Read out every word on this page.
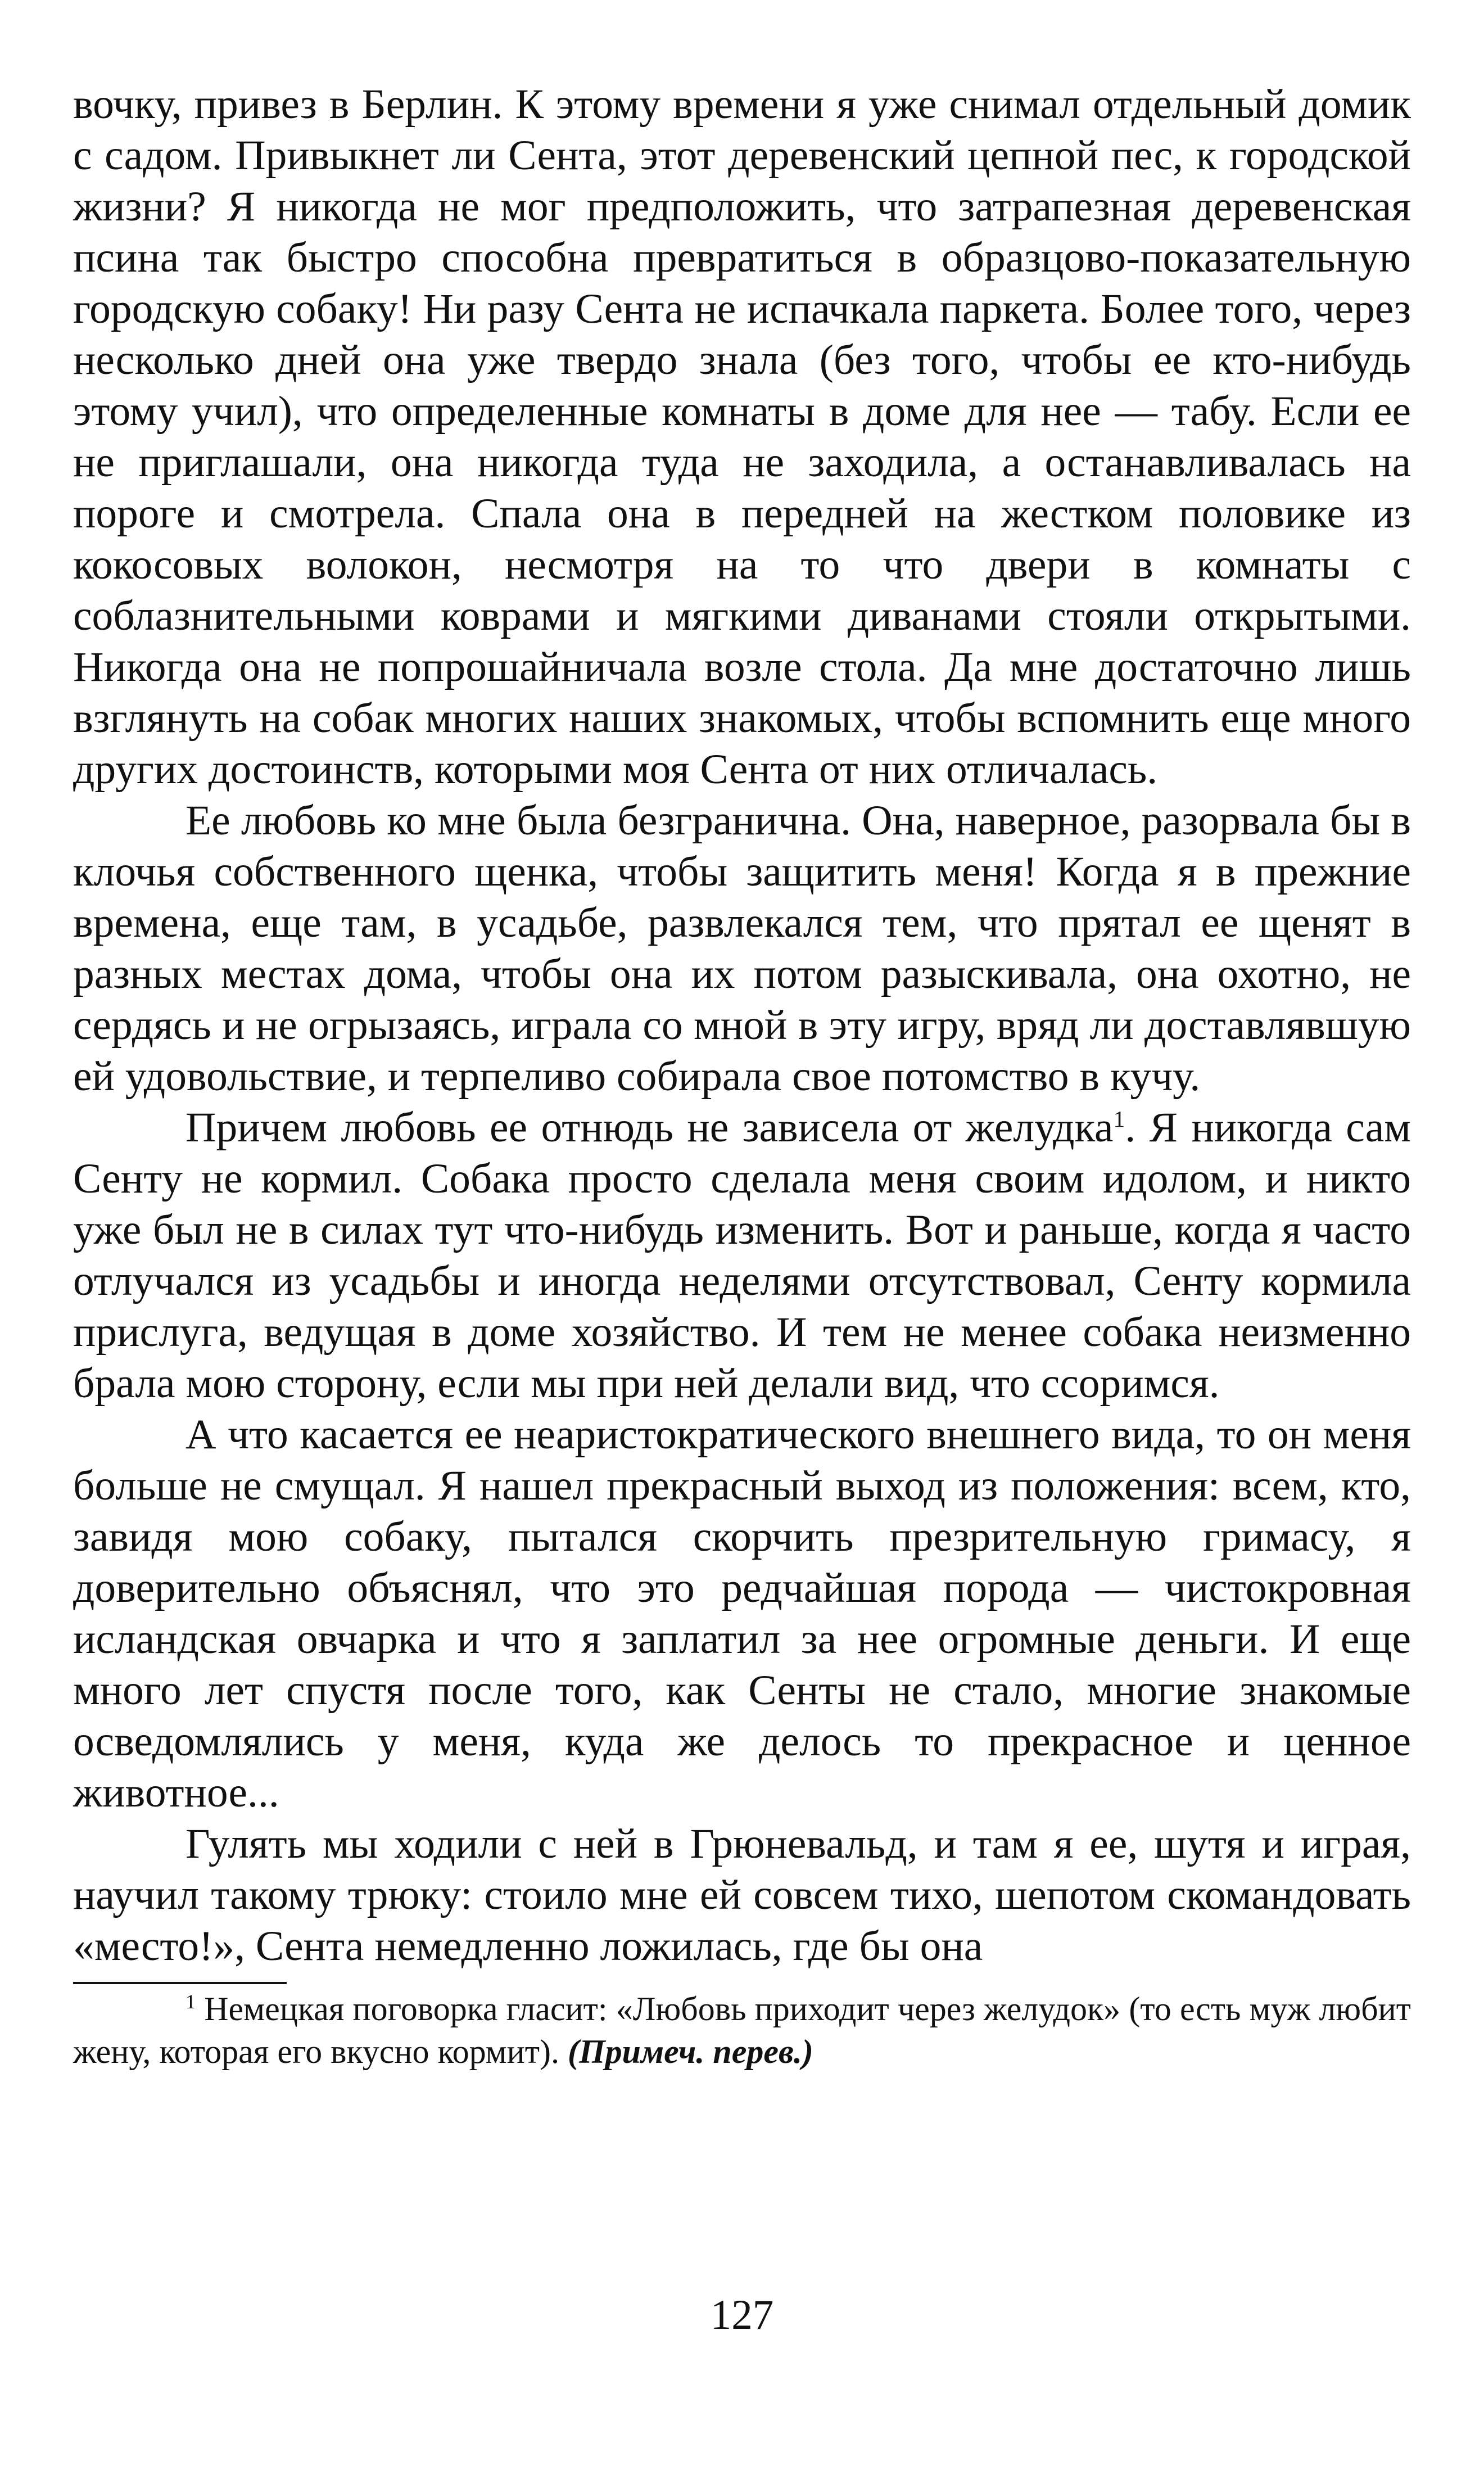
вочку, привез в Берлин. К этому времени я уже снимал отдельный домик с садом. Привыкнет ли Сента, этот деревенский цепной пес, к городской жизни? Я никогда не мог предположить, что затрапезная деревенская псина так быстро способна превратиться в образцово-показательную городскую собаку! Ни разу Сента не испачкала паркета. Более того, через несколько дней она уже твердо знала (без того, чтобы ее кто-нибудь этому учил), что определенные комнаты в доме для нее — табу. Если ее не приглашали, она никогда туда не заходила, а останавливалась на пороге и смотрела. Спала она в передней на жестком половике из кокосовых волокон, несмотря на то что двери в комнаты с соблазнительными коврами и мягкими диванами стояли открытыми. Никогда она не попрошайничала возле стола. Да мне достаточно лишь взглянуть на собак многих наших знакомых, чтобы вспомнить еще много других достоинств, которыми моя Сента от них отличалась.

Ее любовь ко мне была безгранична. Она, наверное, разорвала бы в клочья собственного щенка, чтобы защитить меня! Когда я в прежние времена, еще там, в усадьбе, развлекался тем, что прятал ее щенят в разных местах дома, чтобы она их потом разыскивала, она охотно, не сердясь и не огрызаясь, играла со мной в эту игру, вряд ли доставлявшую ей удовольствие, и терпеливо собирала свое потомство в кучу.

Причем любовь ее отнюдь не зависела от желудка$^1$. Я никогда сам Сенту не кормил. Собака просто сделала меня своим идолом, и никто уже был не в силах тут что-нибудь изменить. Вот и раньше, когда я часто отлучался из усадьбы и иногда неделями отсутствовал, Сенту кормила прислуга, ведущая в доме хозяйство. И тем не менее собака неизменно брала мою сторону, если мы при ней делали вид, что ссоримся.

А что касается ее неаристократического внешнего вида, то он меня больше не смущал. Я нашел прекрасный выход из положения: всем, кто, завидя мою собаку, пытался скорчить презрительную гримасу, я доверительно объяснял, что это редчайшая порода — чистокровная исландская овчарка и что я заплатил за нее огромные деньги. И еще много лет спустя после того, как Сенты не стало, многие знакомые осведомлялись у меня, куда же делось то прекрасное и ценное животное...

Гулять мы ходили с ней в Грюневальд, и там я ее, шутя и играя, научил такому трюку: стоило мне ей совсем тихо, шепотом скомандовать «место!», Сента немедленно ложилась, где бы она

$^1$ Немецкая поговорка гласит: «Любовь приходит через желудок» (то есть муж любит жену, которая его вкусно кормит). (Примеч. перев.)
127
